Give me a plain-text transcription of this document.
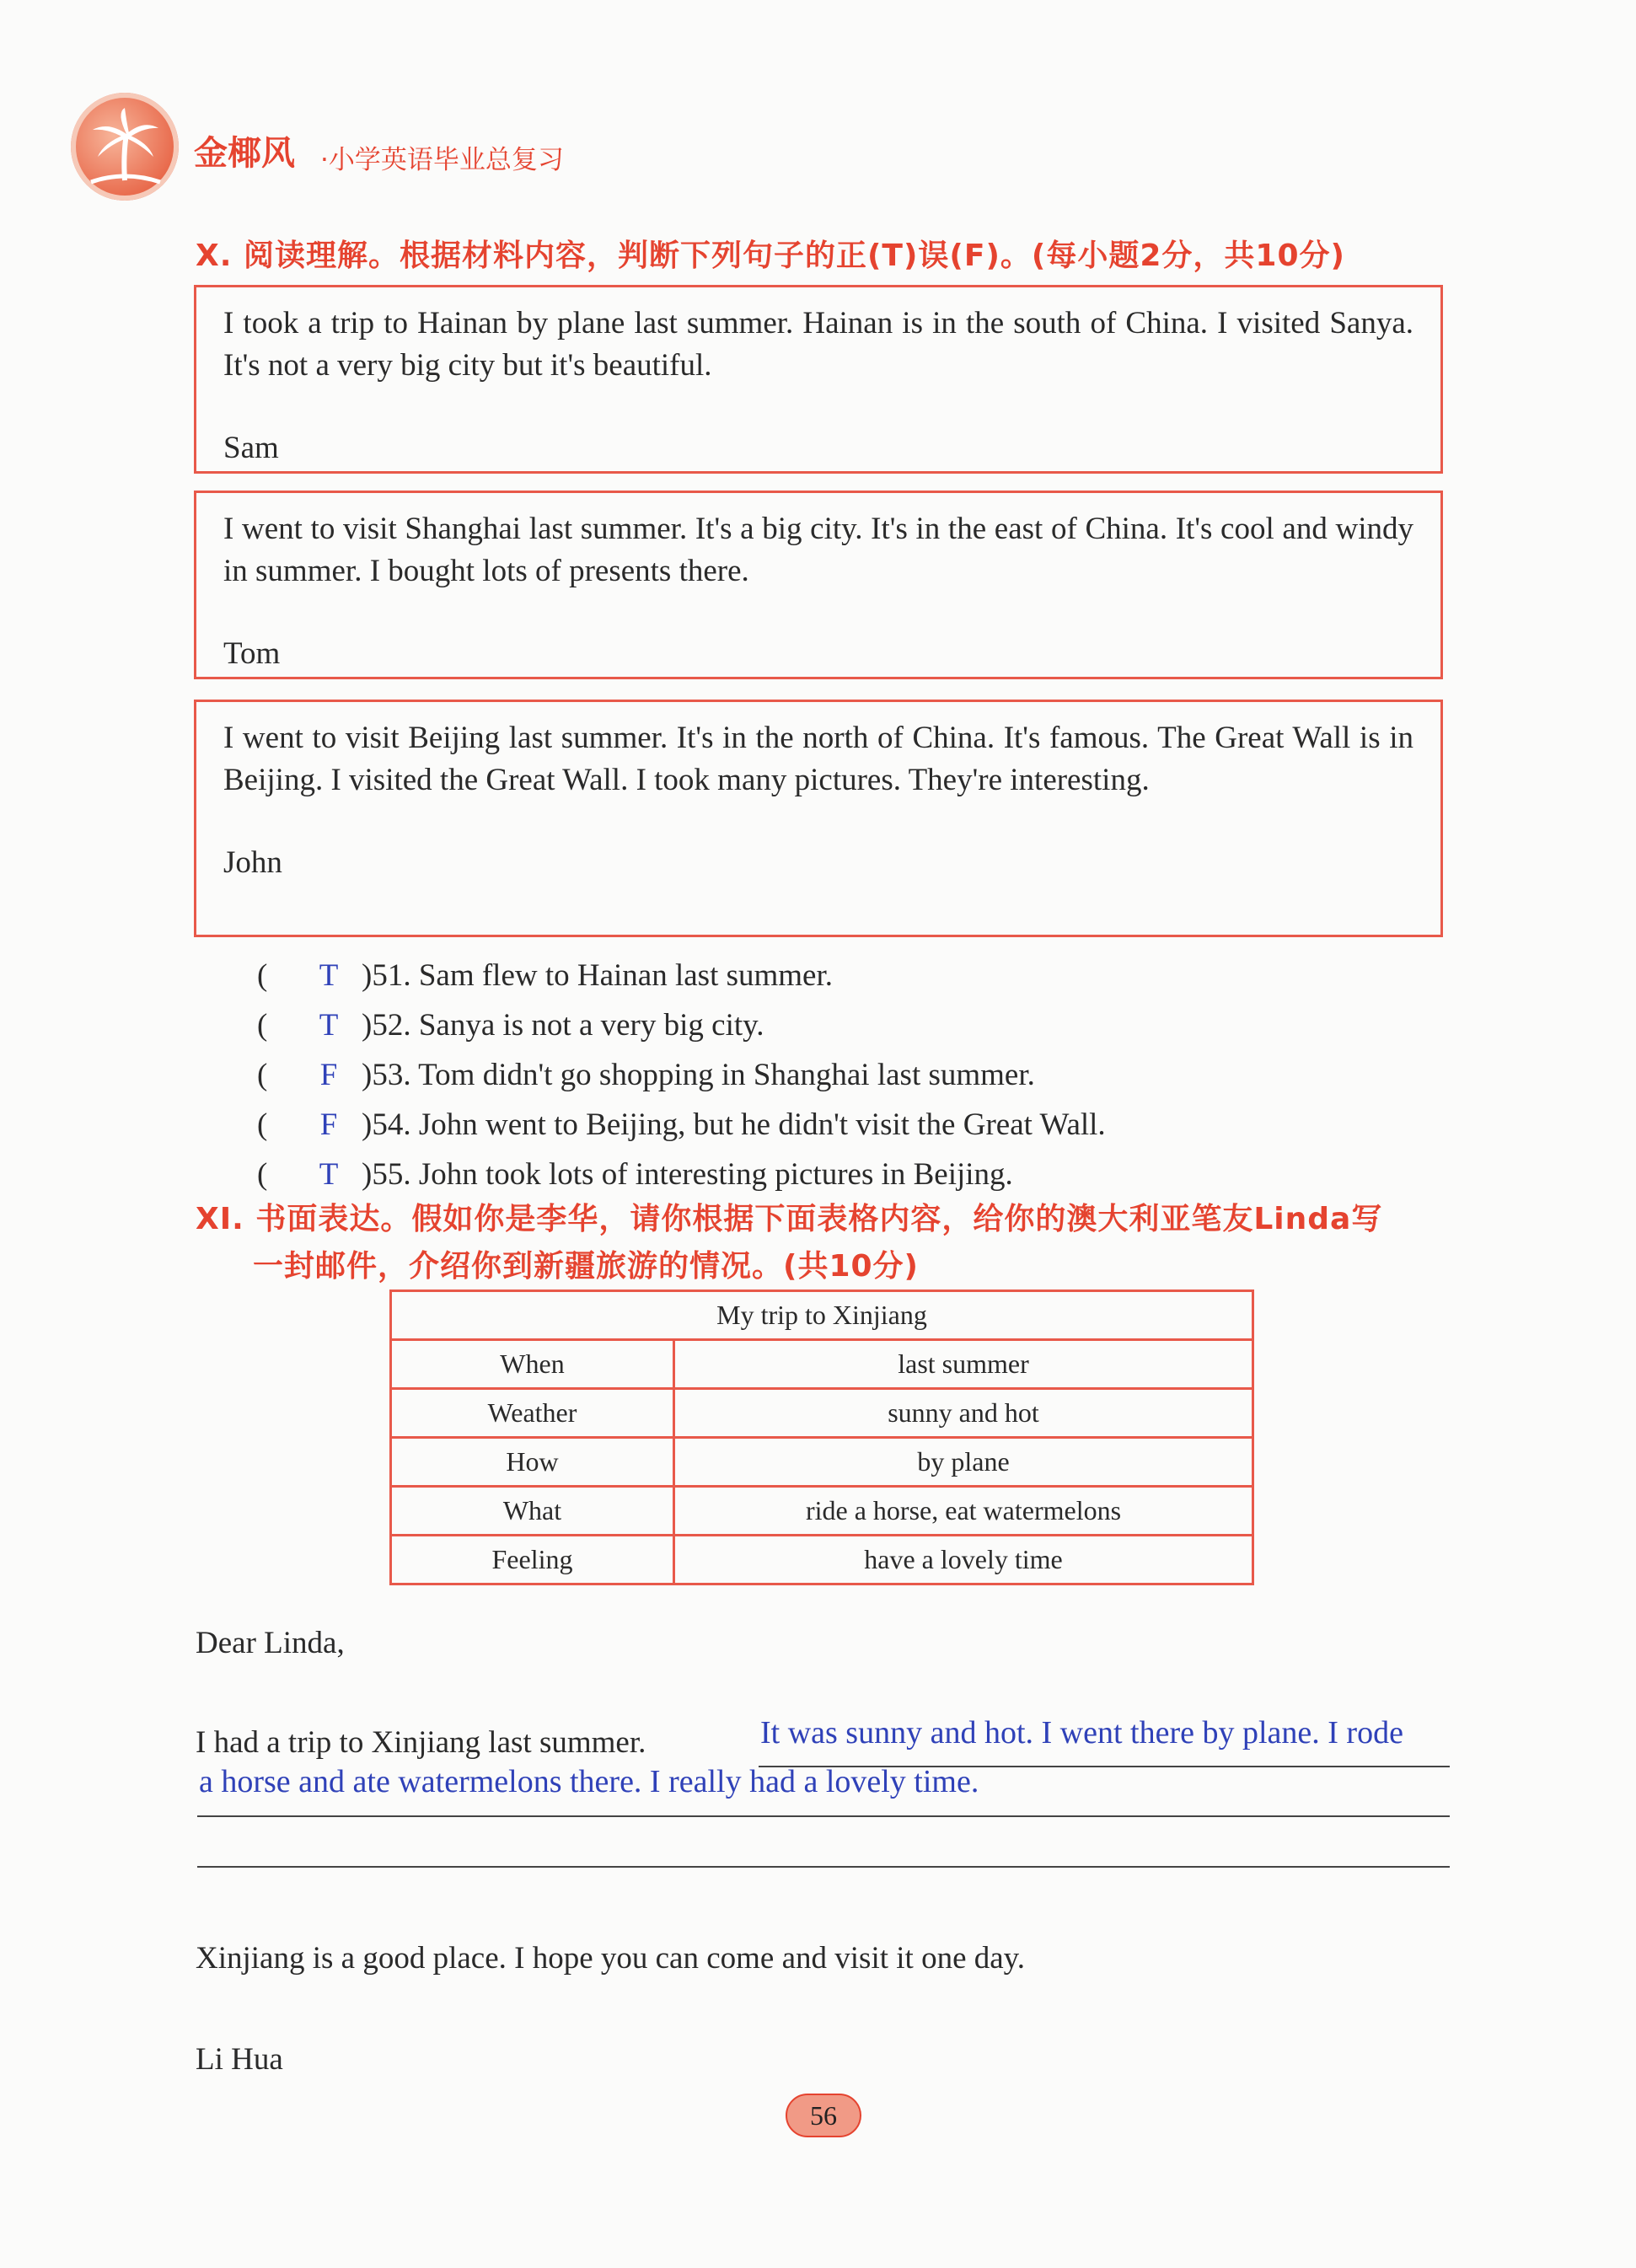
金椰风 ·小学英语毕业总复习
X. 阅读理解。根据材料内容，判断下列句子的正(T)误(F)。(每小题2分，共10分)
I took a trip to Hainan by plane last summer. Hainan is in the south of China. I visited Sanya. It's not a very big city but it's beautiful.
Sam
I went to visit Shanghai last summer. It's a big city. It's in the east of China. It's cool and windy in summer. I bought lots of presents there.
Tom
I went to visit Beijing last summer. It's in the north of China. It's famous. The Great Wall is in Beijing. I visited the Great Wall. I took many pictures. They're interesting.
John
( T )51. Sam flew to Hainan last summer.
( T )52. Sanya is not a very big city.
( F )53. Tom didn't go shopping in Shanghai last summer.
( F )54. John went to Beijing, but he didn't visit the Great Wall.
( T )55. John took lots of interesting pictures in Beijing.
XI. 书面表达。假如你是李华，请你根据下面表格内容，给你的澳大利亚笔友Linda写
一封邮件，介绍你到新疆旅游的情况。(共10分)
My trip to Xinjiang	
When	last summer
Weather	sunny and hot
How	by plane
What	ride a horse, eat watermelons
Feeling	have a lovely time
Dear Linda,
I had a trip to Xinjiang last summer.	It was sunny and hot. I went there by plane. I rode
a horse and ate watermelons there. I really had a lovely time.
Xinjiang is a good place. I hope you can come and visit it one day.
Li Hua
56
